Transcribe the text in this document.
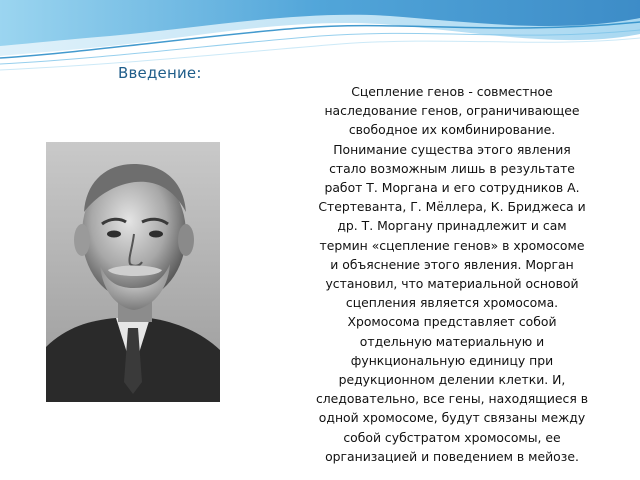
Введение:
Сцепление генов - совместное
наследование генов, ограничивающее
свободное их комбинирование.
Понимание существа этого явления
стало возможным лишь в результате
работ Т. Моргана и его сотрудников А.
Стертеванта, Г. Мёллера, К. Бриджеса и
др. Т. Моргану принадлежит и сам
термин «сцепление генов» в хромосоме
и объяснение этого явления. Морган
установил, что материальной основой
сцепления является хромосома.
Хромосома представляет собой
отдельную материальную и
функциональную единицу при
редукционном делении клетки. И,
следовательно, все гены, находящиеся в
одной хромосоме, будут связаны между
собой субстратом хромосомы, ее
организацией и поведением в мейозе.
